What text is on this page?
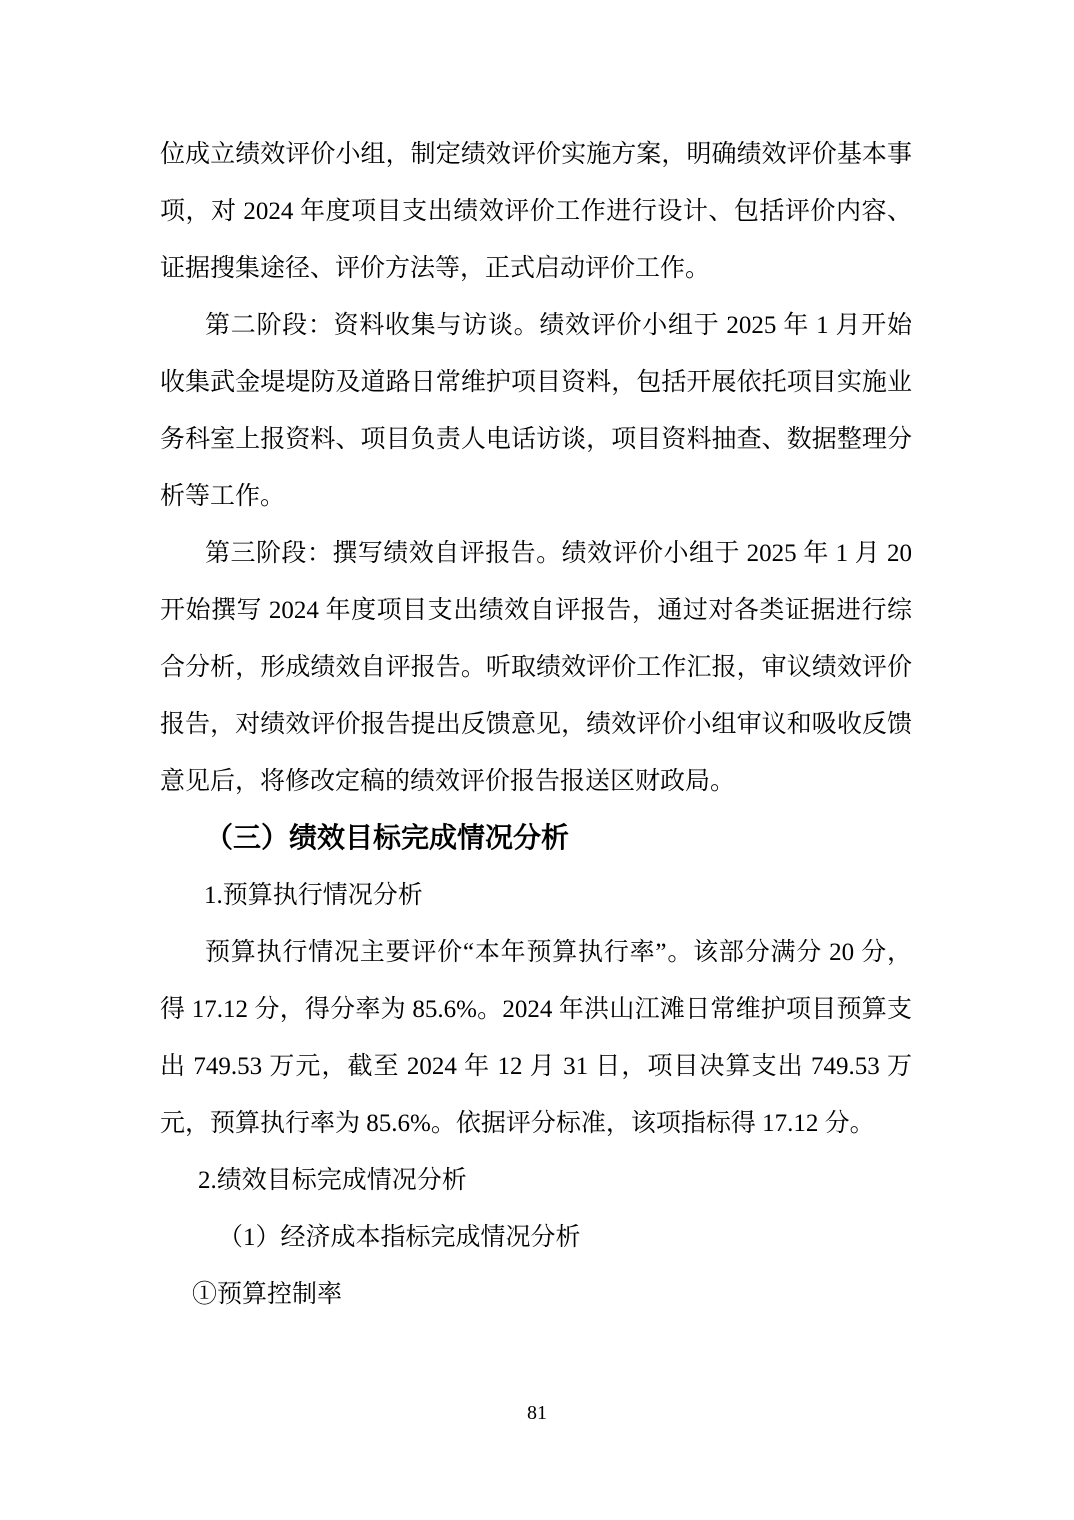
位成立绩效评价小组，制定绩效评价实施方案，明确绩效评价基本事
项，对 2024 年度项目支出绩效评价工作进行设计、包括评价内容、
证据搜集途径、评价方法等，正式启动评价工作。
第二阶段：资料收集与访谈。绩效评价小组于 2025 年 1 月开始
收集武金堤堤防及道路日常维护项目资料，包括开展依托项目实施业
务科室上报资料、项目负责人电话访谈，项目资料抽查、数据整理分
析等工作。
第三阶段：撰写绩效自评报告。绩效评价小组于 2025 年 1 月 20
开始撰写 2024 年度项目支出绩效自评报告，通过对各类证据进行综
合分析，形成绩效自评报告。听取绩效评价工作汇报，审议绩效评价
报告，对绩效评价报告提出反馈意见，绩效评价小组审议和吸收反馈
意见后，将修改定稿的绩效评价报告报送区财政局。
（三）绩效目标完成情况分析
1.预算执行情况分析
预算执行情况主要评价“本年预算执行率”。该部分满分 20 分，
得 17.12 分，得分率为 85.6%。2024 年洪山江滩日常维护项目预算支
出 749.53 万元，截至 2024 年 12 月 31 日，项目决算支出 749.53 万
元，预算执行率为 85.6%。依据评分标准，该项指标得 17.12 分。
2.绩效目标完成情况分析
（1）经济成本指标完成情况分析
①预算控制率
81
